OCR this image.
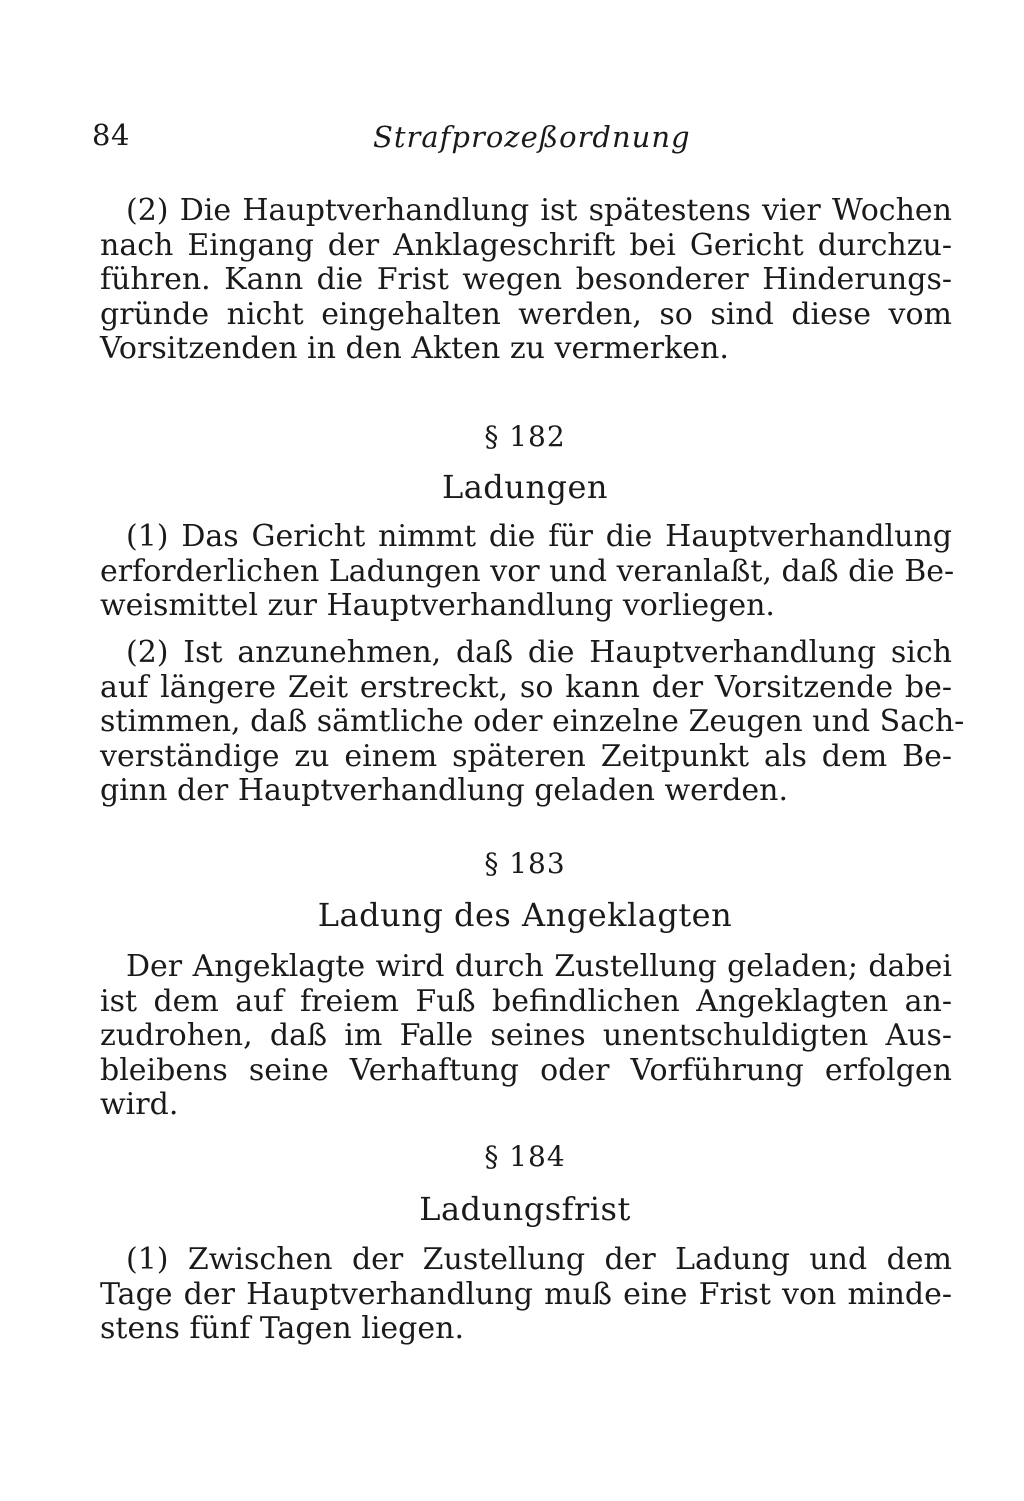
84	Strafprozeßordnung
(2) Die Hauptverhandlung ist spätestens vier Wochen
nach Eingang der Anklageschrift bei Gericht durchzu-
führen. Kann die Frist wegen besonderer Hinderungs-
gründe nicht eingehalten werden, so sind diese vom
Vorsitzenden in den Akten zu vermerken.
§ 182
Ladungen
(1) Das Gericht nimmt die für die Hauptverhandlung
erforderlichen Ladungen vor und veranlaßt, daß die Be-
weismittel zur Hauptverhandlung vorliegen.
(2) Ist anzunehmen, daß die Hauptverhandlung sich
auf längere Zeit erstreckt, so kann der Vorsitzende be-
stimmen, daß sämtliche oder einzelne Zeugen und Sach-
verständige zu einem späteren Zeitpunkt als dem Be-
ginn der Hauptverhandlung geladen werden.
§ 183
Ladung des Angeklagten
Der Angeklagte wird durch Zustellung geladen; dabei
ist dem auf freiem Fuß befindlichen Angeklagten an-
zudrohen, daß im Falle seines unentschuldigten Aus-
bleibens seine Verhaftung oder Vorführung erfolgen
wird.
§ 184
Ladungsfrist
(1) Zwischen der Zustellung der Ladung und dem
Tage der Hauptverhandlung muß eine Frist von minde-
stens fünf Tagen liegen.
